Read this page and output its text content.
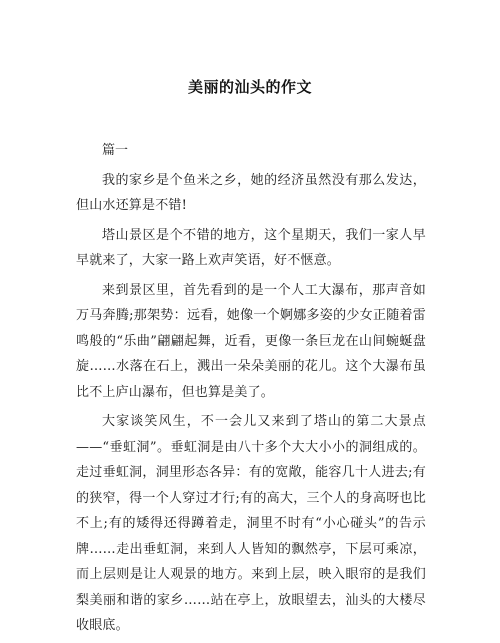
美丽的汕头的作文

篇一

我的家乡是个鱼米之乡，她的经济虽然没有那么发达，但山水还算是不错!

塔山景区是个不错的地方，这个星期天，我们一家人早早就来了，大家一路上欢声笑语，好不惬意。

来到景区里，首先看到的是一个人工大瀑布，那声音如万马奔腾;那架势：远看，她像一个婀娜多姿的少女正随着雷鸣般的“乐曲”翩翩起舞，近看，更像一条巨龙在山间蜿蜒盘旋……水落在石上，溅出一朵朵美丽的花儿。这个大瀑布虽比不上庐山瀑布，但也算是美了。

大家谈笑风生，不一会儿又来到了塔山的第二大景点——“垂虹洞”。垂虹洞是由八十多个大大小小的洞组成的。走过垂虹洞，洞里形态各异：有的宽敞，能容几十人进去;有的狭窄，得一个人穿过才行;有的高大，三个人的身高呀也比不上;有的矮得还得蹲着走，洞里不时有“小心碰头”的告示牌……走出垂虹洞，来到人人皆知的飘然亭，下层可乘凉，而上层则是让人观景的地方。来到上层，映入眼帘的是我们梨美丽和谐的家乡……站在亭上，放眼望去，汕头的大楼尽收眼底。
